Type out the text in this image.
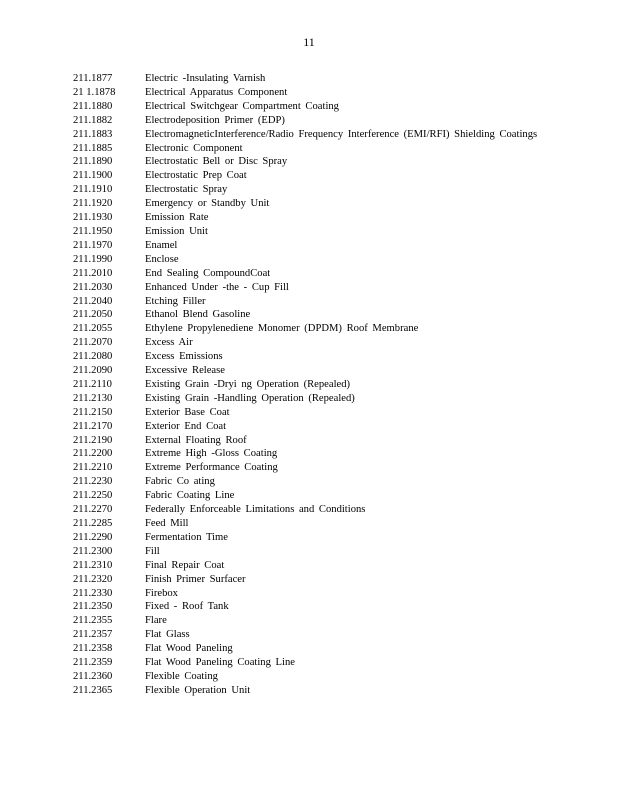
11
211.1877	Electric -Insulating Varnish
21 1.1878	Electrical Apparatus Component
211.1880	Electrical Switchgear Compartment Coating
211.1882	Electrodeposition Primer (EDP)
211.1883	ElectromagneticInterference/Radio Frequency Interference (EMI/RFI) Shielding Coatings
211.1885	Electronic Component
211.1890	Electrostatic Bell or Disc Spray
211.1900	Electrostatic Prep Coat
211.1910	Electrostatic Spray
211.1920	Emergency or Standby Unit
211.1930	Emission Rate
211.1950	Emission Unit
211.1970	Enamel
211.1990	Enclose
211.2010	End Sealing CompoundCoat
211.2030	Enhanced Under -the - Cup Fill
211.2040	Etching Filler
211.2050	Ethanol Blend Gasoline
211.2055	Ethylene Propylenediene Monomer (DPDM) Roof Membrane
211.2070	Excess Air
211.2080	Excess Emissions
211.2090	Excessive Release
211.2110	Existing Grain -Dryi ng Operation (Repealed)
211.2130	Existing Grain -Handling Operation (Repealed)
211.2150	Exterior Base Coat
211.2170	Exterior End Coat
211.2190	External Floating Roof
211.2200	Extreme High -Gloss Coating
211.2210	Extreme Performance Coating
211.2230	Fabric Co ating
211.2250	Fabric Coating Line
211.2270	Federally Enforceable Limitations and Conditions
211.2285	Feed Mill
211.2290	Fermentation Time
211.2300	Fill
211.2310	Final Repair Coat
211.2320	Finish Primer Surfacer
211.2330	Firebox
211.2350	Fixed - Roof Tank
211.2355	Flare
211.2357	Flat Glass
211.2358	Flat Wood Paneling
211.2359	Flat Wood Paneling Coating Line
211.2360	Flexible Coating
211.2365	Flexible Operation Unit
